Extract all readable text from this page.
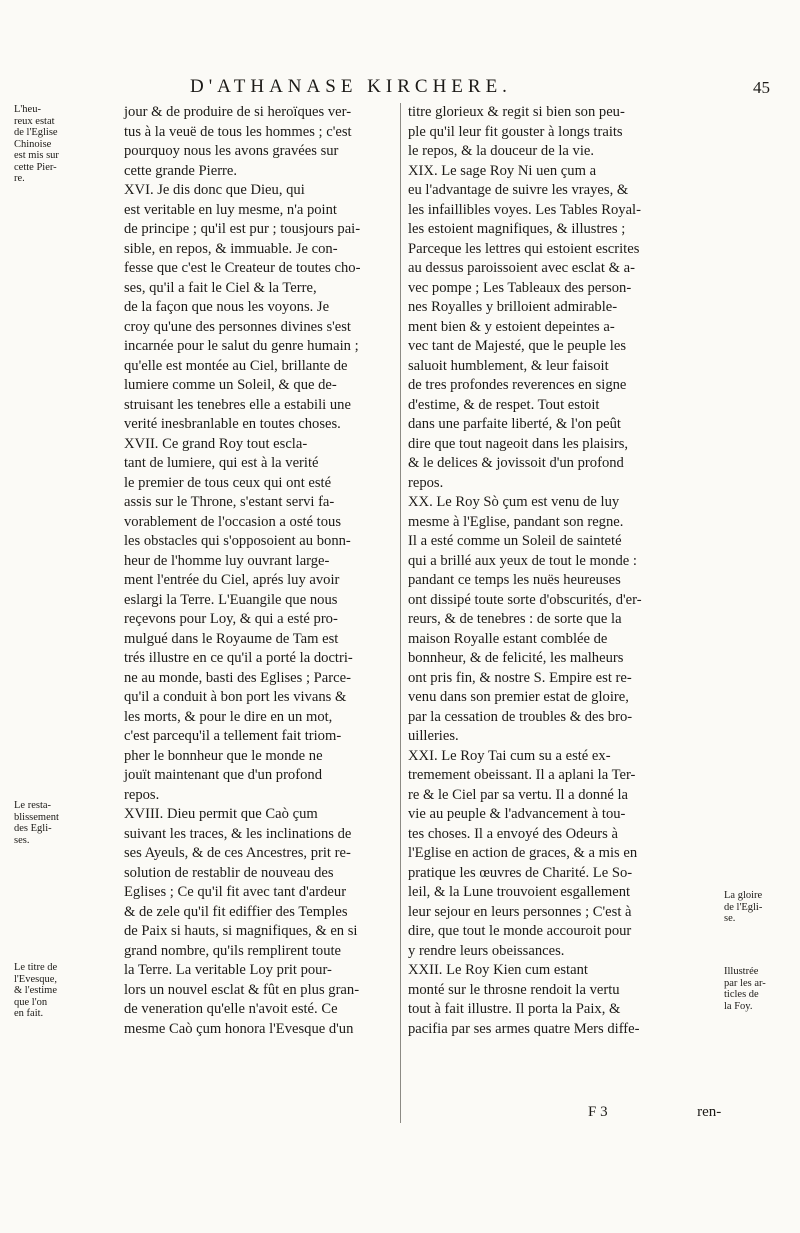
D'ATHANASE KIRCHERE.	45

L'heu-

reux estat

de l'Eglise

Chinoise

est mis sur

cette Pier-

re.

Le resta-

blissement

des Egli-

ses.

Le titre de

l'Evesque,

& l'estime

que l'on

en fait.

jour & de produire de si heroïques ver-

tus à la veuë de tous les hommes ; c'est

pourquoy nous les avons gravées sur

cette grande Pierre.

XVI. Je dis donc que Dieu, qui

est veritable en luy mesme, n'a point

de principe ; qu'il est pur ; tousjours pai-

sible, en repos, & immuable. Je con-

fesse que c'est le Createur de toutes cho-

ses, qu'il a fait le Ciel & la Terre,

de la façon que nous les voyons. Je

croy qu'une des personnes divines s'est

incarnée pour le salut du genre humain ;

qu'elle est montée au Ciel, brillante de

lumiere comme un Soleil, & que de-

struisant les tenebres elle a estabili une

verité inesbranlable en toutes choses.

XVII. Ce grand Roy tout escla-

tant de lumiere, qui est à la verité

le premier de tous ceux qui ont esté

assis sur le Throne, s'estant servi fa-

vorablement de l'occasion a osté tous

les obstacles qui s'opposoient au bonn-

heur de l'homme luy ouvrant large-

ment l'entrée du Ciel, aprés luy avoir

eslargi la Terre. L'Euangile que nous

reçevons pour Loy, & qui a esté pro-

mulgué dans le Royaume de Tam est

trés illustre en ce qu'il a porté la doctri-

ne au monde, basti des Eglises ; Parce-

qu'il a conduit à bon port les vivans &

les morts, & pour le dire en un mot,

c'est parcequ'il a tellement fait triom-

pher le bonnheur que le monde ne

jouït maintenant que d'un profond

repos.

XVIII. Dieu permit que Caò çum

suivant les traces, & les inclinations de

ses Ayeuls, & de ces Ancestres, prit re-

solution de restablir de nouveau des

Eglises ; Ce qu'il fit avec tant d'ardeur

& de zele qu'il fit ediffier des Temples

de Paix si hauts, si magnifiques, & en si

grand nombre, qu'ils remplirent toute

la Terre. La veritable Loy prit pour-

lors un nouvel esclat & fût en plus gran-

de veneration qu'elle n'avoit esté. Ce

mesme Caò çum honora l'Evesque d'un

titre glorieux & regit si bien son peu-

ple qu'il leur fit gouster à longs traits

le repos, & la douceur de la vie.

XIX. Le sage Roy Ni uen çum a

eu l'advantage de suivre les vrayes, &

les infaillibles voyes. Les Tables Royal-

les estoient magnifiques, & illustres ;

Parceque les lettres qui estoient escrites

au dessus paroissoient avec esclat & a-

vec pompe ; Les Tableaux des person-

nes Royalles y brilloient admirable-

ment bien & y estoient depeintes a-

vec tant de Majesté, que le peuple les

saluoit humblement, & leur faisoit

de tres profondes reverences en signe

d'estime, & de respet. Tout estoit

dans une parfaite liberté, & l'on peût

dire que tout nageoit dans les plaisirs,

& le delices & jovissoit d'un profond

repos.

XX. Le Roy Sò çum est venu de luy

mesme à l'Eglise, pandant son regne.

Il a esté comme un Soleil de sainteté

qui a brillé aux yeux de tout le monde :

pandant ce temps les nuës heureuses

ont dissipé toute sorte d'obscurités, d'er-

reurs, & de tenebres : de sorte que la

maison Royalle estant comblée de

bonnheur, & de felicité, les malheurs

ont pris fin, & nostre S. Empire est re-

venu dans son premier estat de gloire,

par la cessation de troubles & des bro-

uilleries.

XXI. Le Roy Tai cum su a esté ex-

tremement obeissant. Il a aplani la Ter-

re & le Ciel par sa vertu. Il a donné la

vie au peuple & l'advancement à tou-

tes choses. Il a envoyé des Odeurs à

l'Eglise en action de graces, & a mis en

pratique les œuvres de Charité. Le So-

leil, & la Lune trouvoient esgallement

leur sejour en leurs personnes ; C'est à

dire, que tout le monde accouroit pour

y rendre leurs obeissances.

XXII. Le Roy Kien cum estant

monté sur le throsne rendoit la vertu

tout à fait illustre. Il porta la Paix, &

pacifia par ses armes quatre Mers diffe-

La gloire

de l'Egli-

se.

Illustrée

par les ar-

ticles de

la Foy.

F 3	ren-
